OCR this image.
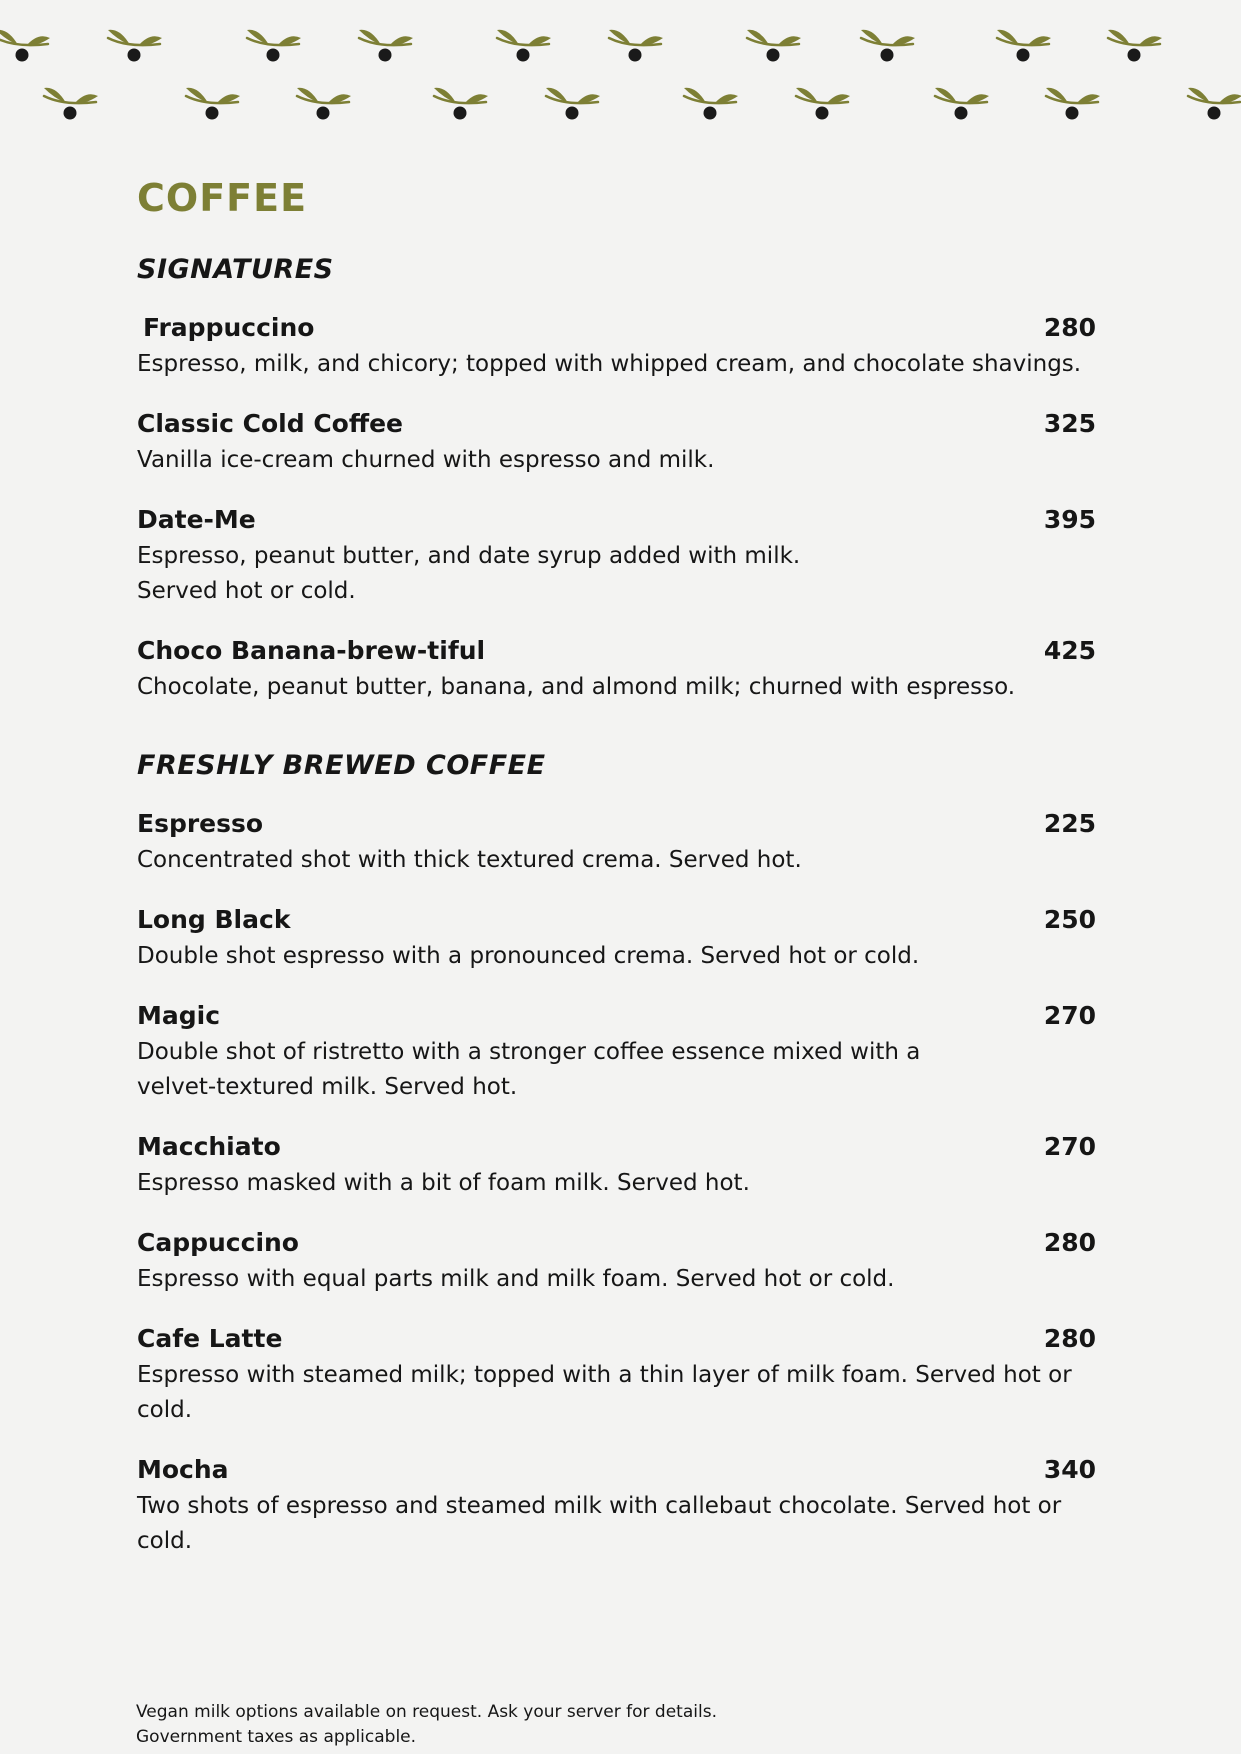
COFFEE
SIGNATURES
Frappuccino	280
Espresso, milk, and chicory; topped with whipped cream, and chocolate shavings.
Classic Cold Coffee	325
Vanilla ice-cream churned with espresso and milk.
Date-Me	395
Espresso, peanut butter, and date syrup added with milk.
Served hot or cold.
Choco Banana-brew-tiful	425
Chocolate, peanut butter, banana, and almond milk; churned with espresso.
FRESHLY BREWED COFFEE
Espresso	225
Concentrated shot with thick textured crema. Served hot.
Long Black	250
Double shot espresso with a pronounced crema. Served hot or cold.
Magic	270
Double shot of ristretto with a stronger coffee essence mixed with a velvet-textured milk. Served hot.
Macchiato	270
Espresso masked with a bit of foam milk. Served hot.
Cappuccino	280
Espresso with equal parts milk and milk foam. Served hot or cold.
Cafe Latte	280
Espresso with steamed milk; topped with a thin layer of milk foam. Served hot or cold.
Mocha	340
Two shots of espresso and steamed milk with callebaut chocolate. Served hot or cold.
Vegan milk options available on request. Ask your server for details.
Government taxes as applicable.
